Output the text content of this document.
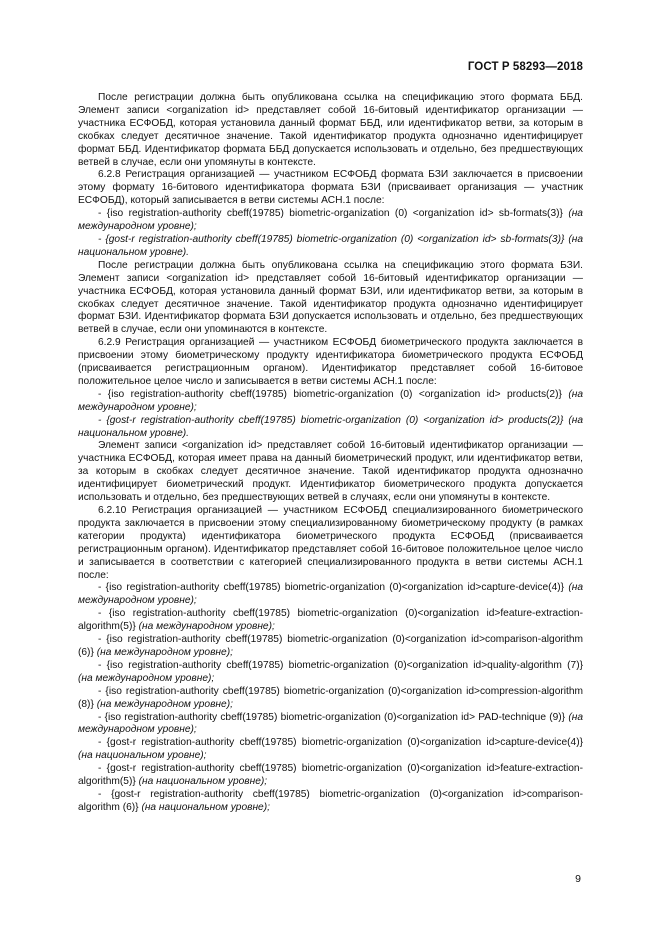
ГОСТ Р 58293—2018

После регистрации должна быть опубликована ссылка на спецификацию этого формата ББД. Элемент записи <organization id> представляет собой 16-битовый идентификатор организации — участника ЕСФОБД, которая установила данный формат ББД, или идентификатор ветви, за которым в скобках следует десятичное значение. Такой идентификатор продукта однозначно идентифицирует формат ББД. Идентификатор формата ББД допускается использовать и отдельно, без предшествующих ветвей в случае, если они упомянуты в контексте.

6.2.8 Регистрация организацией — участником ЕСФОБД формата БЗИ заключается в присвоении этому формату 16-битового идентификатора формата БЗИ (присваивает организация — участник ЕСФОБД), который записывается в ветви системы АСН.1 после:

- {iso registration-authority cbeff(19785) biometric-organization (0) <organization id> sb-formats(3)} (на международном уровне);

- {gost-r registration-authority cbeff(19785) biometric-organization (0) <organization id> sb-formats(3)} (на национальном уровне).

После регистрации должна быть опубликована ссылка на спецификацию этого формата БЗИ. Элемент записи <organization id> представляет собой 16-битовый идентификатор организации — участника ЕСФОБД, которая установила данный формат БЗИ, или идентификатор ветви, за которым в скобках следует десятичное значение. Такой идентификатор продукта однозначно идентифицирует формат БЗИ. Идентификатор формата БЗИ допускается использовать и отдельно, без предшествующих ветвей в случае, если они упоминаются в контексте.

6.2.9 Регистрация организацией — участником ЕСФОБД биометрического продукта заключается в присвоении этому биометрическому продукту идентификатора биометрического продукта ЕСФОБД (присваивается регистрационным органом). Идентификатор представляет собой 16-битовое положительное целое число и записывается в ветви системы АСН.1 после:

- {iso registration-authority cbeff(19785) biometric-organization (0) <organization id> products(2)} (на международном уровне);

- {gost-r registration-authority cbeff(19785) biometric-organization (0) <organization id> products(2)} (на национальном уровне).

Элемент записи <organization id> представляет собой 16-битовый идентификатор организации — участника ЕСФОБД, которая имеет права на данный биометрический продукт, или идентификатор ветви, за которым в скобках следует десятичное значение. Такой идентификатор продукта однозначно идентифицирует биометрический продукт. Идентификатор биометрического продукта допускается использовать и отдельно, без предшествующих ветвей в случаях, если они упомянуты в контексте.

6.2.10 Регистрация организацией — участником ЕСФОБД специализированного биометрического продукта заключается в присвоении этому специализированному биометрическому продукту (в рамках категории продукта) идентификатора биометрического продукта ЕСФОБД (присваивается регистрационным органом). Идентификатор представляет собой 16-битовое положительное целое число и записывается в соответствии с категорией специализированного продукта в ветви системы АСН.1 после:

- {iso registration-authority cbeff(19785) biometric-organization (0)<organization id>capture-device(4)} (на международном уровне);

- {iso registration-authority cbeff(19785) biometric-organization (0)<organization id>feature-extraction-algorithm(5)} (на международном уровне);

- {iso registration-authority cbeff(19785) biometric-organization (0)<organization id>comparison-algorithm (6)} (на международном уровне);

- {iso registration-authority cbeff(19785) biometric-organization (0)<organization id>quality-algorithm (7)} (на международном уровне);

- {iso registration-authority cbeff(19785) biometric-organization (0)<organization id>compression-algorithm (8)} (на международном уровне);

- {iso registration-authority cbeff(19785) biometric-organization (0)<organization id> PAD-technique (9)} (на международном уровне);

- {gost-r registration-authority cbeff(19785) biometric-organization (0)<organization id>capture-device(4)} (на национальном уровне);

- {gost-r registration-authority cbeff(19785) biometric-organization (0)<organization id>feature-extraction-algorithm(5)} (на национальном уровне);

- {gost-r registration-authority cbeff(19785) biometric-organization (0)<organization id>comparison-algorithm (6)} (на национальном уровне);

9
